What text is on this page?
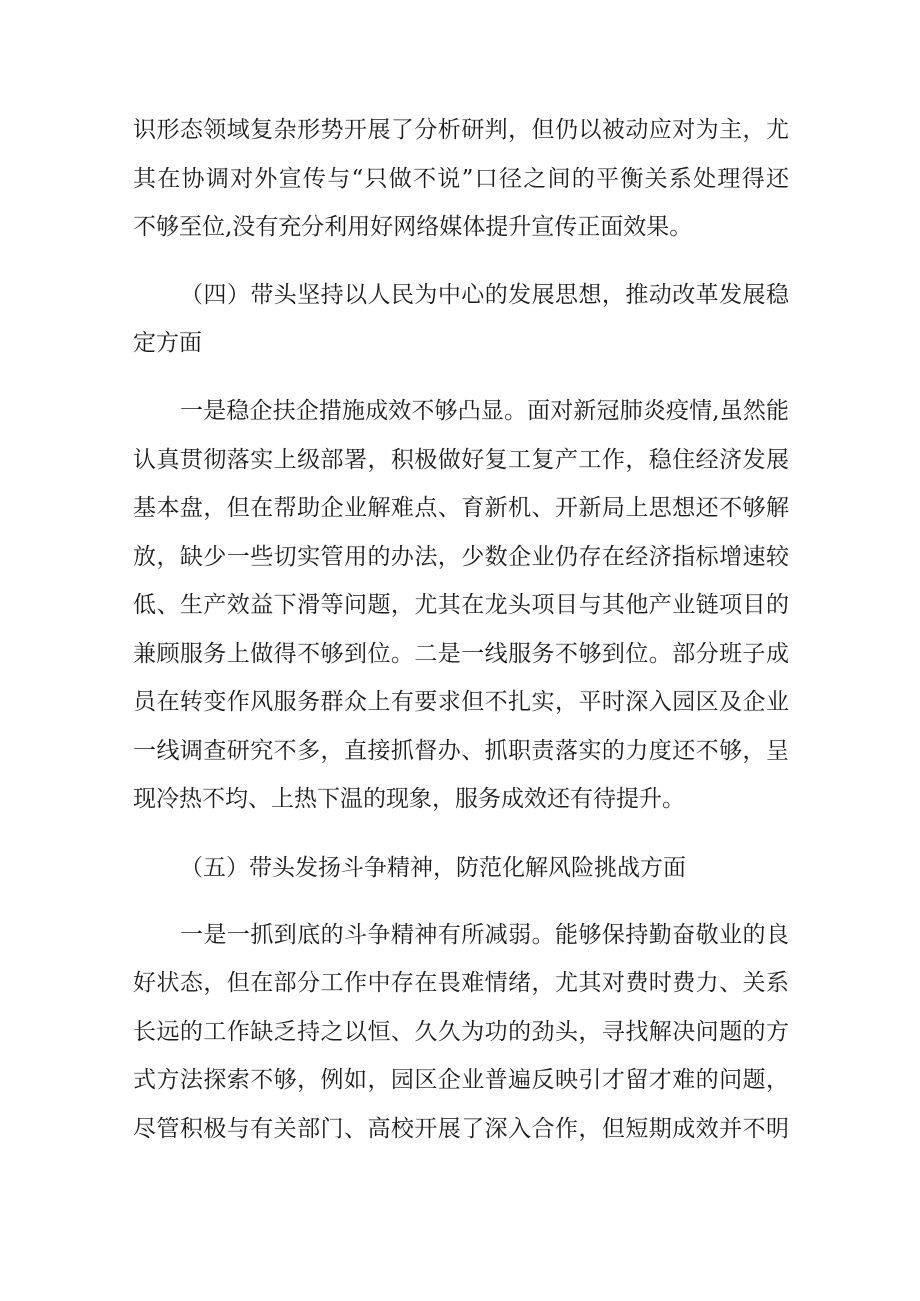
识形态领域复杂形势开展了分析研判，但仍以被动应对为主，尤
其在协调对外宣传与“只做不说”口径之间的平衡关系处理得还
不够至位,没有充分利用好网络媒体提升宣传正面效果。
（四）带头坚持以人民为中心的发展思想，推动改革发展稳
定方面
一是稳企扶企措施成效不够凸显。面对新冠肺炎疫情,虽然能
认真贯彻落实上级部署，积极做好复工复产工作，稳住经济发展
基本盘，但在帮助企业解难点、育新机、开新局上思想还不够解
放，缺少一些切实管用的办法，少数企业仍存在经济指标增速较
低、生产效益下滑等问题，尤其在龙头项目与其他产业链项目的
兼顾服务上做得不够到位。二是一线服务不够到位。部分班子成
员在转变作风服务群众上有要求但不扎实，平时深入园区及企业
一线调查研究不多，直接抓督办、抓职责落实的力度还不够，呈
现冷热不均、上热下温的现象，服务成效还有待提升。
（五）带头发扬斗争精神，防范化解风险挑战方面
一是一抓到底的斗争精神有所减弱。能够保持勤奋敬业的良
好状态，但在部分工作中存在畏难情绪，尤其对费时费力、关系
长远的工作缺乏持之以恒、久久为功的劲头，寻找解决问题的方
式方法探索不够，例如，园区企业普遍反映引才留才难的问题，
尽管积极与有关部门、高校开展了深入合作，但短期成效并不明
